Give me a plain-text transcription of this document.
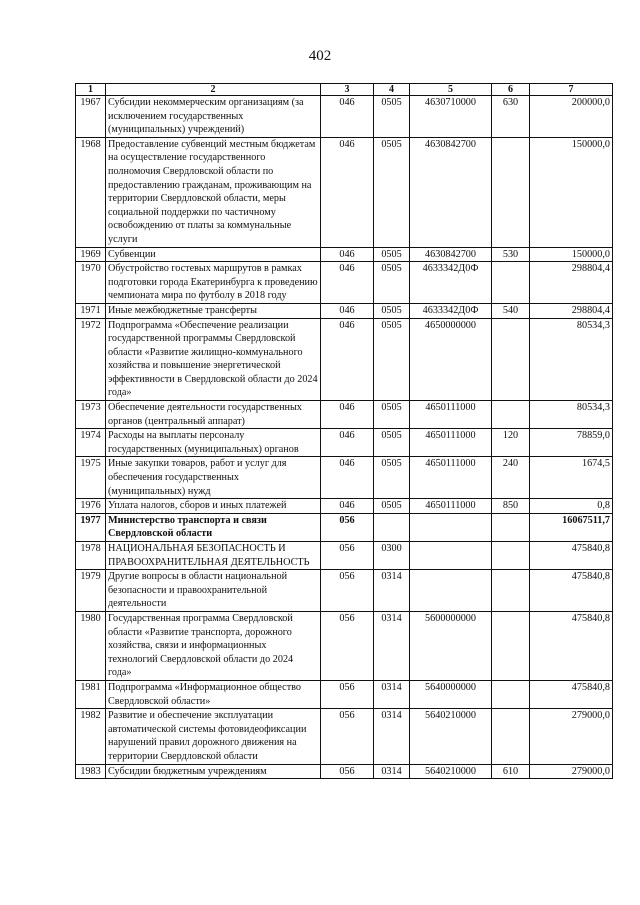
402
1	2	3	4	5	6	7
1967	Субсидии некоммерческим организациям (за исключением государственных (муниципальных) учреждений)	046	0505	4630710000	630	200000,0
1968	Предоставление субвенций местным бюджетам на осуществление государственного полномочия Свердловской области по предоставлению гражданам, проживающим на территории Свердловской области, меры социальной поддержки по частичному освобождению от платы за коммунальные услуги	046	0505	4630842700		150000,0
1969	Субвенции	046	0505	4630842700	530	150000,0
1970	Обустройство гостевых маршрутов в рамках подготовки города Екатеринбурга к проведению чемпионата мира по футболу в 2018 году	046	0505	4633342Д0Ф		298804,4
1971	Иные межбюджетные трансферты	046	0505	4633342Д0Ф	540	298804,4
1972	Подпрограмма «Обеспечение реализации государственной программы Свердловской области «Развитие жилищно-коммунального хозяйства и повышение энергетической эффективности в Свердловской области до 2024 года»	046	0505	4650000000		80534,3
1973	Обеспечение деятельности государственных органов (центральный аппарат)	046	0505	4650111000		80534,3
1974	Расходы на выплаты персоналу государственных (муниципальных) органов	046	0505	4650111000	120	78859,0
1975	Иные закупки товаров, работ и услуг для обеспечения государственных (муниципальных) нужд	046	0505	4650111000	240	1674,5
1976	Уплата налогов, сборов и иных платежей	046	0505	4650111000	850	0,8
1977	Министерство транспорта и связи Свердловской области	056				16067511,7
1978	НАЦИОНАЛЬНАЯ БЕЗОПАСНОСТЬ И ПРАВООХРАНИТЕЛЬНАЯ ДЕЯТЕЛЬНОСТЬ	056	0300			475840,8
1979	Другие вопросы в области национальной безопасности и правоохранительной деятельности	056	0314			475840,8
1980	Государственная программа Свердловской области «Развитие транспорта, дорожного хозяйства, связи и информационных технологий Свердловской области до 2024 года»	056	0314	5600000000		475840,8
1981	Подпрограмма «Информационное общество Свердловской области»	056	0314	5640000000		475840,8
1982	Развитие и обеспечение эксплуатации автоматической системы фотовидеофиксации нарушений правил дорожного движения на территории Свердловской области	056	0314	5640210000		279000,0
1983	Субсидии бюджетным учреждениям	056	0314	5640210000	610	279000,0
